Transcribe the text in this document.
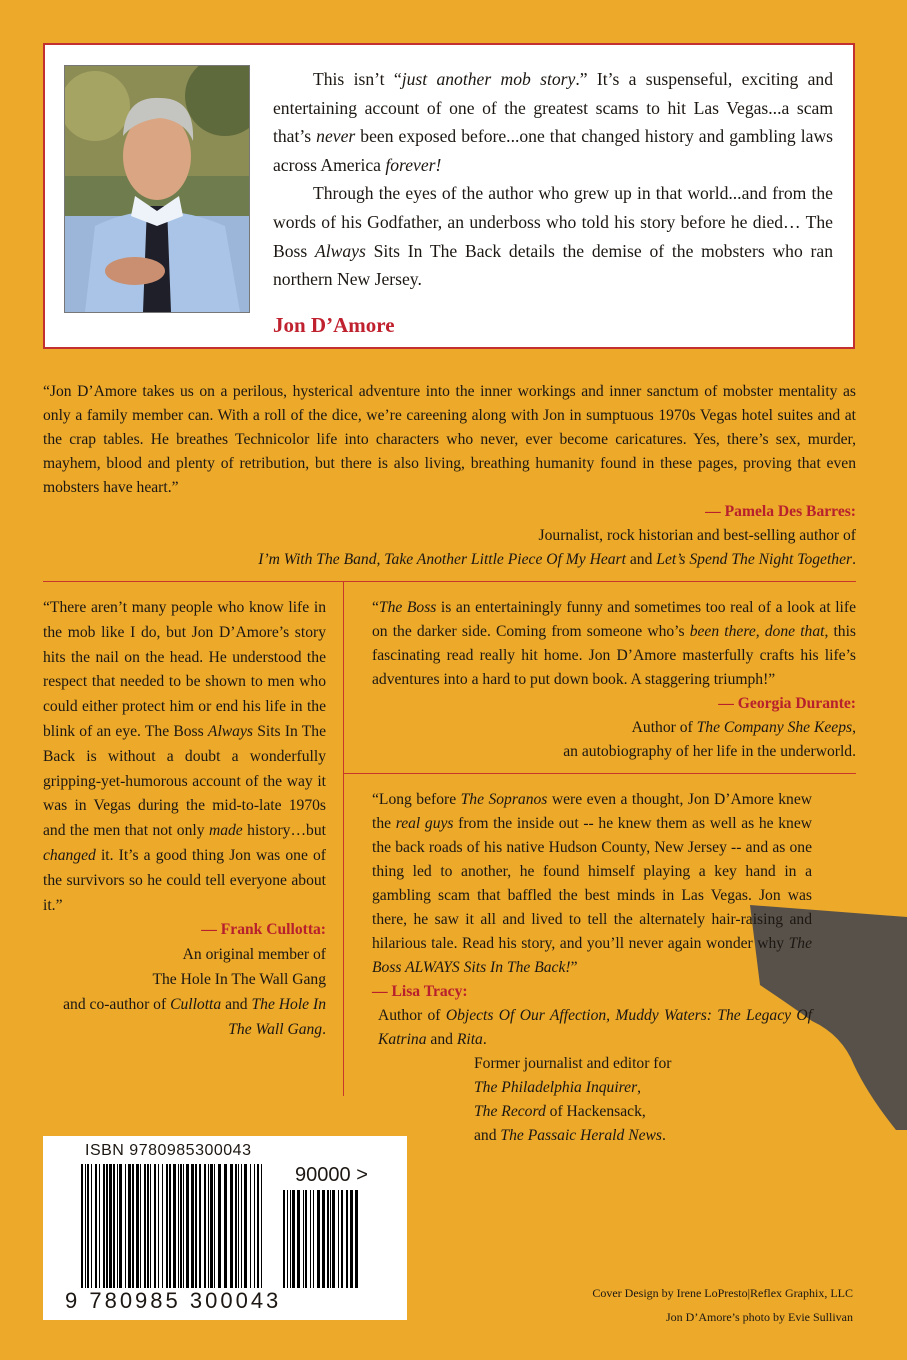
This isn’t “just another mob story.” It’s a suspenseful, exciting and entertaining account of one of the greatest scams to hit Las Vegas...a scam that’s never been exposed before...one that changed history and gambling laws across America forever!

Through the eyes of the author who grew up in that world...and from the words of his Godfather, an underboss who told his story before he died… The Boss Always Sits In The Back details the demise of the mobsters who ran northern New Jersey.

Jon D’Amore

“Jon D’Amore takes us on a perilous, hysterical adventure into the inner workings and inner sanctum of mobster mentality as only a family member can. With a roll of the dice, we’re careening along with Jon in sumptuous 1970s Vegas hotel suites and at the crap tables. He breathes Technicolor life into characters who never, ever become caricatures. Yes, there’s sex, murder, mayhem, blood and plenty of retribution, but there is also living, breathing humanity found in these pages, proving that even mobsters have heart.”

— Pamela Des Barres:

Journalist, rock historian and best-selling author of

I’m With The Band, Take Another Little Piece Of My Heart and Let’s Spend The Night Together.

“There aren’t many people who know life in the mob like I do, but Jon D’Amore’s story hits the nail on the head. He understood the respect that needed to be shown to men who could either protect him or end his life in the blink of an eye. The Boss Always Sits In The Back is without a doubt a wonderfully gripping-yet-humorous account of the way it was in Vegas during the mid-to-late 1970s and the men that not only made history…but changed it. It’s a good thing Jon was one of the survivors so he could tell everyone about it.”

— Frank Cullotta:

An original member of

The Hole In The Wall Gang

and co-author of Cullotta and The Hole In The Wall Gang.

“The Boss is an entertainingly funny and sometimes too real of a look at life on the darker side. Coming from someone who’s been there, done that, this fascinating read really hit home. Jon D’Amore masterfully crafts his life’s adventures into a hard to put down book. A staggering triumph!”

— Georgia Durante:

Author of The Company She Keeps,

an autobiography of her life in the underworld.

“Long before The Sopranos were even a thought, Jon D’Amore knew the real guys from the inside out -- he knew them as well as he knew the back roads of his native Hudson County, New Jersey -- and as one thing led to another, he found himself playing a key hand in a gambling scam that baffled the best minds in Las Vegas. Jon was there, he saw it all and lived to tell the alternately hair-raising and hilarious tale. Read his story, and you’ll never again wonder why The Boss ALWAYS Sits In The Back!”

— Lisa Tracy:

Author of Objects Of Our Affection, Muddy Waters: The Legacy Of Katrina and Rita.

Former journalist and editor for

The Philadelphia Inquirer,

The Record of Hackensack,

and The Passaic Herald News.

ISBN 9780985300043
90000 >
9 780985 300043	Cover Design by Irene LoPresto|Reflex Graphix, LLC
Jon D’Amore’s photo by Evie Sullivan
